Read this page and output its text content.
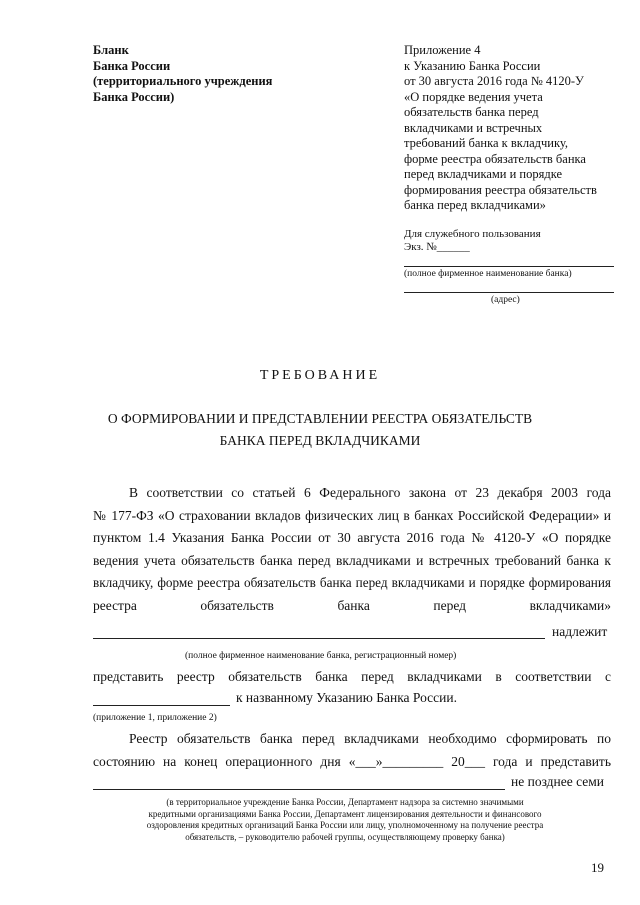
Бланк
Банка России
(территориального учреждения
Банка России)
Приложение 4
к Указанию Банка России
от 30 августа 2016 года № 4120-У
«О порядке ведения учета
обязательств банка перед
вкладчиками и встречных
требований банка к вкладчику,
форме реестра обязательств банка
перед вкладчиками и порядке
формирования реестра обязательств
банка перед вкладчиками»
Для служебного пользования
Экз. №______
(полное фирменное наименование банка)
(адрес)
ТРЕБОВАНИЕ
О ФОРМИРОВАНИИ И ПРЕДСТАВЛЕНИИ РЕЕСТРА ОБЯЗАТЕЛЬСТВ
БАНКА ПЕРЕД ВКЛАДЧИКАМИ
В соответствии со статьей 6 Федерального закона от 23 декабря 2003 года
№ 177-ФЗ «О страховании вкладов физических лиц в банках Российской Федерации» и
пунктом 1.4 Указания Банка России от 30 августа 2016 года № 4120-У «О порядке
ведения учета обязательств банка перед вкладчиками и встречных требований банка к
вкладчику, форме реестра обязательств банка перед вкладчиками и порядке формирования
реестра	обязательств	банка	перед	вкладчиками»
надлежит
(полное фирменное наименование банка, регистрационный номер)
представить реестр обязательств банка перед вкладчиками в соответствии с
к названному Указанию Банка России.
(приложение 1, приложение 2)
Реестр обязательств банка перед вкладчиками необходимо сформировать по
состоянию на конец операционного дня «___»_________ 20___ года и представить
не позднее семи
(в территориальное учреждение Банка России, Департамент надзора за системно значимыми
кредитными организациями Банка России, Департамент лицензирования деятельности и финансового
оздоровления кредитных организаций Банка России или лицу, уполномоченному на получение реестра
обязательств, – руководителю рабочей группы, осуществляющему проверку банка)
19
